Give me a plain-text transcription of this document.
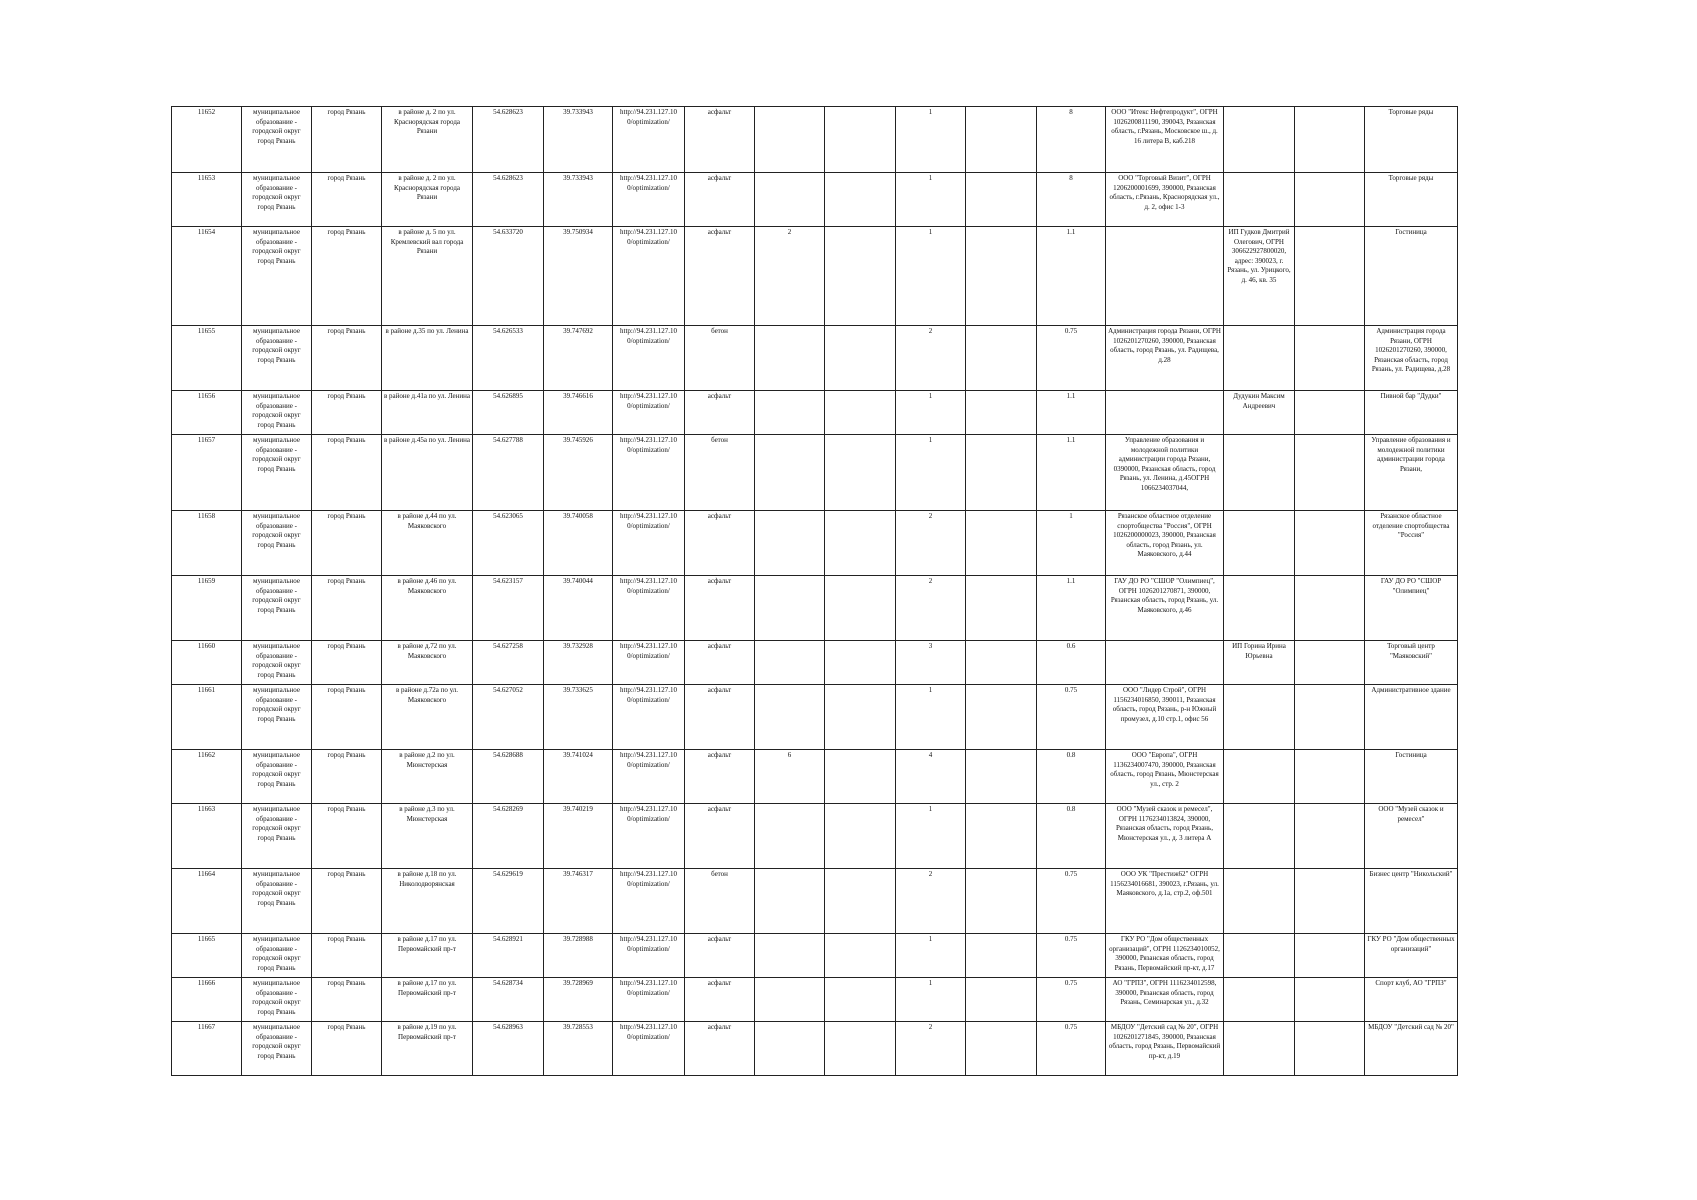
11652	муниципальное образование - городской округ город Рязань	город Рязань	в районе д. 2 по ул. Краснорядская города Рязани	54.628623	39.733943	http://94.231.127.10 0/optimization/	асфальт			1		8	ООО "Итекс Нефтепродукт", ОГРН 1026200811190, 390043, Рязанская область, г.Рязань, Московское ш., д. 16 литера В, каб.218			Торговые ряды
11653	муниципальное образование - городской округ город Рязань	город Рязань	в районе д. 2 по ул. Краснорядская города Рязани	54.628623	39.733943	http://94.231.127.10 0/optimization/	асфальт			1		8	ООО "Торговый Визит", ОГРН 1206200001699, 390000, Рязанская область, г.Рязань, Краснорядская ул., д. 2, офис 1-3			Торговые ряды
11654	муниципальное образование - городской округ город Рязань	город Рязань	в районе д. 5 по ул. Кремлевский вал города Рязани	54.633720	39.750934	http://94.231.127.10 0/optimization/	асфальт	2		1		1.1		ИП Гудков Дмитрий Олегович, ОГРН 306622927800020, адрес: 390023, г. Рязань, ул. Урицкого, д. 46, кв. 35		Гостиница
11655	муниципальное образование - городской округ город Рязань	город Рязань	в районе д.35 по ул. Ленина	54.626533	39.747692	http://94.231.127.10 0/optimization/	бетон			2		0.75	Администрация города Рязани, ОГРН 1026201270260, 390000, Рязанская область, город Рязань, ул. Радищева, д.28			Администрация города Рязани, ОГРН 1026201270260, 390000, Рязанская область, город Рязань, ул. Радищева, д.28
11656	муниципальное образование - городской округ город Рязань	город Рязань	в районе д.41а по ул. Ленина	54.626895	39.746616	http://94.231.127.10 0/optimization/	асфальт			1		1.1		Дудукин Максим Андреевич		Пивной бар "Дудки"
11657	муниципальное образование - городской округ город Рязань	город Рязань	в районе д.45а по ул. Ленина	54.627788	39.745926	http://94.231.127.10 0/optimization/	бетон			1		1.1	Управление образования и молодежной политики администрации города Рязани, 0390000, Рязанская область, город Рязань, ул. Ленина, д.45ОГРН 1066234037044,			Управление образования и молодежной политики администрации города Рязани,
11658	муниципальное образование - городской округ город Рязань	город Рязань	в районе д.44 по ул. Маяковского	54.623065	39.740058	http://94.231.127.10 0/optimization/	асфальт			2		1	Рязанское областное отделение спортобщества "Россия", ОГРН 1026200000023, 390000, Рязанская область, город Рязань, ул. Маяковского, д.44			Рязанское областное отделение спортобщества "Россия"
11659	муниципальное образование - городской округ город Рязань	город Рязань	в районе д.46 по ул. Маяковского	54.623157	39.740044	http://94.231.127.10 0/optimization/	асфальт			2		1.1	ГАУ ДО РО "СШОР "Олимпиец", ОГРН 1026201270871, 390000, Рязанская область, город Рязань, ул. Маяковского, д.46			ГАУ ДО РО "СШОР "Олимпиец"
11660	муниципальное образование - городской округ город Рязань	город Рязань	в районе д.72 по ул. Маяковского	54.627258	39.732928	http://94.231.127.10 0/optimization/	асфальт			3		0.6		ИП Горина Ирина Юрьевна		Торговый центр "Маяковский"
11661	муниципальное образование - городской округ город Рязань	город Рязань	в районе д.72а по ул. Маяковского	54.627052	39.733625	http://94.231.127.10 0/optimization/	асфальт			1		0.75	ООО "Лидер Строй", ОГРН 1156234016850, 390011, Рязанская область, город Рязань, р-н Южный промузел, д.10 стр.1, офис 56			Административное здание
11662	муниципальное образование - городской округ город Рязань	город Рязань	в районе д.2 по ул. Мюнстерская	54.628688	39.741024	http://94.231.127.10 0/optimization/	асфальт	6		4		0.8	ООО "Европа", ОГРН 1136234007470, 390000, Рязанская область, город Рязань, Мюнстерская ул., стр. 2			Гостиница
11663	муниципальное образование - городской округ город Рязань	город Рязань	в районе д.3 по ул. Мюнстерская	54.628269	39.740219	http://94.231.127.10 0/optimization/	асфальт			1		0.8	ООО "Музей сказок и ремесел", ОГРН 1176234013824, 390000, Рязанская область, город Рязань, Мюнстерская ул., д. 3 литера А			ООО "Музей сказок и ремесел"
11664	муниципальное образование - городской округ город Рязань	город Рязань	в районе д.18 по ул. Николодворянская	54.629619	39.746317	http://94.231.127.10 0/optimization/	бетон			2		0.75	ООО УК "Престиж62" ОГРН 1156234016681, 390023, г.Рязань, ул. Маяковского, д.1а, стр.2, оф.501			Бизнес центр "Никольский"
11665	муниципальное образование - городской округ город Рязань	город Рязань	в районе д.17 по ул. Первомайский пр-т	54.628921	39.728988	http://94.231.127.10 0/optimization/	асфальт			1		0.75	ГКУ РО "Дом общественных организаций", ОГРН 1126234010052, 390000, Рязанская область, город Рязань, Первомайский пр-кт, д.17			ГКУ РО "Дом общественных организаций"
11666	муниципальное образование - городской округ город Рязань	город Рязань	в районе д.17 по ул. Первомайский пр-т	54.628734	39.728969	http://94.231.127.10 0/optimization/	асфальт			1		0.75	АО "ГРПЗ", ОГРН 1116234012598, 390000, Рязанская область, город Рязань, Семинарская ул., д.32			Спорт клуб, АО "ГРПЗ"
11667	муниципальное образование - городской округ город Рязань	город Рязань	в районе д.19 по ул. Первомайский пр-т	54.628963	39.728553	http://94.231.127.10 0/optimization/	асфальт			2		0.75	МБДОУ "Детский сад № 20", ОГРН 1026201271845, 390000, Рязанская область, город Рязань, Первомайский пр-кт, д.19			МБДОУ "Детский сад № 20"
